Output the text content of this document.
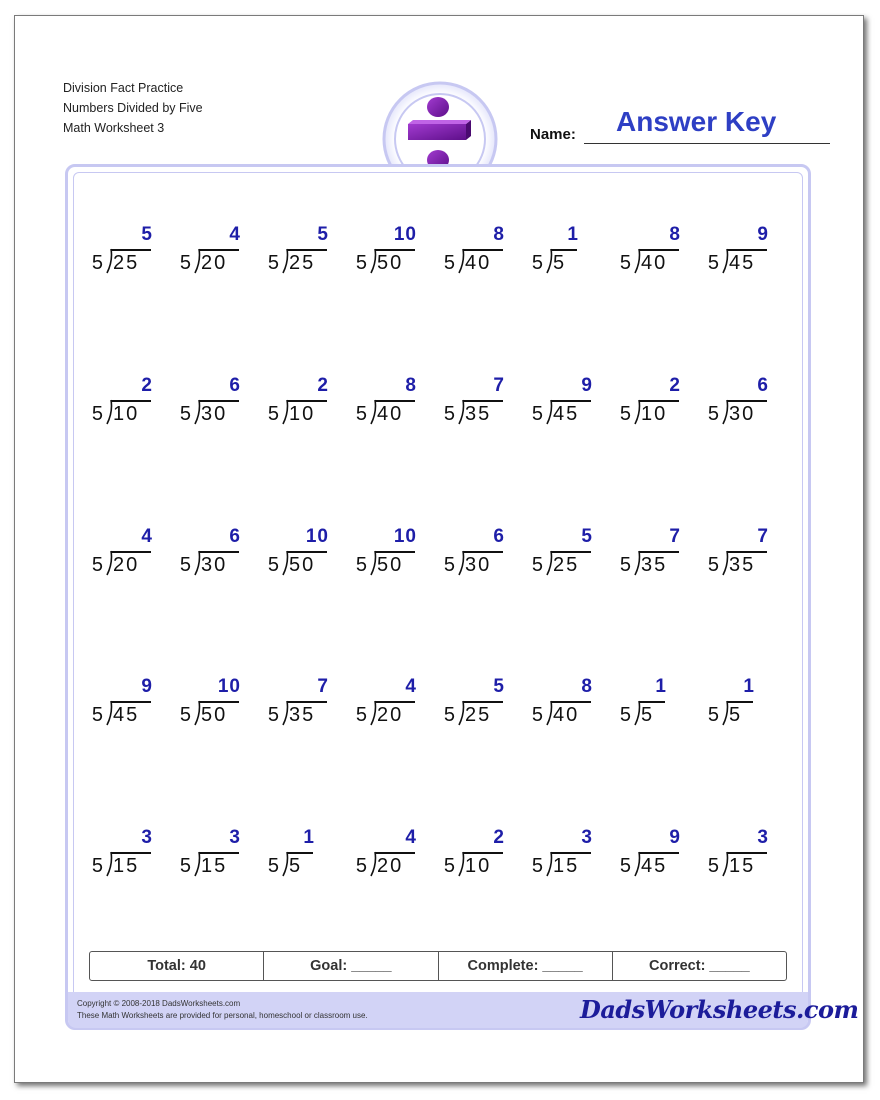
Division Fact Practice
Numbers Divided by Five
Math Worksheet 3	Name: Answer Key
5
5 25
4
5 20
5
5 25
10
5 50
8
5 40
1
5 5
8
5 40
9
5 45
2
5 10
6
5 30
2
5 10
8
5 40
7
5 35
9
5 45
2
5 10
6
5 30
4
5 20
6
5 30
10
5 50
10
5 50
6
5 30
5
5 25
7
5 35
7
5 35
9
5 45
10
5 50
7
5 35
4
5 20
5
5 25
8
5 40
1
5 5
1
5 5
3
5 15
3
5 15
1
5 5
4
5 20
2
5 10
3
5 15
9
5 45
3
5 15
Total: 40	Goal: _____	Complete: _____	Correct: _____
Copyright © 2008-2018 DadsWorksheets.com
These Math Worksheets are provided for personal, homeschool or classroom use.	DadsWorksheets.com
